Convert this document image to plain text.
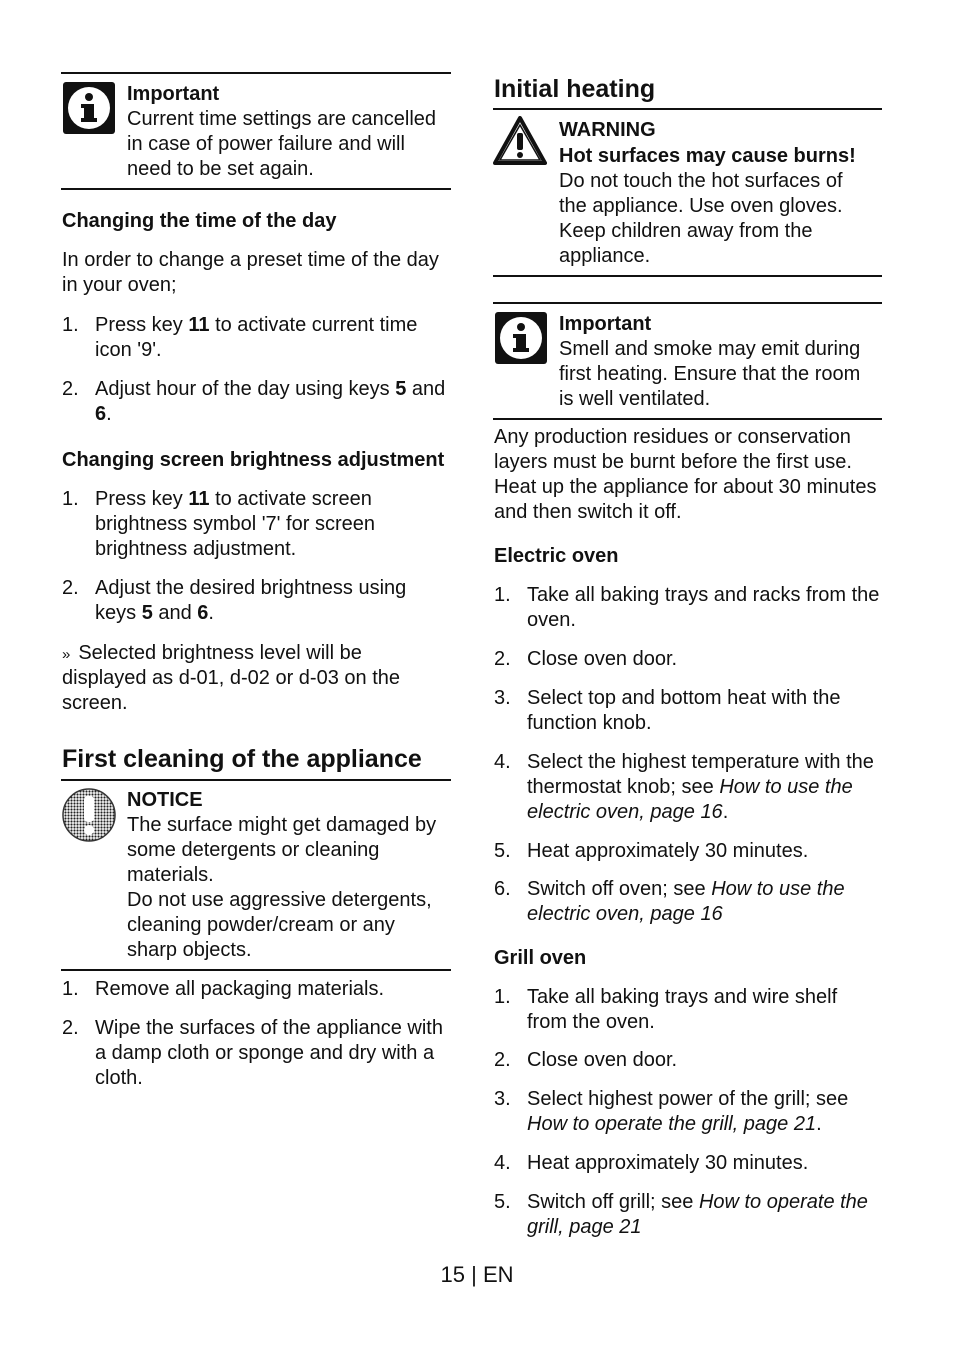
Important
Current time settings are cancelled
in case of power failure and will
need to be set again.
Changing the time of the day
In order to change a preset time of the day
in your oven;
1. Press key 11 to activate current time
icon '9'.
2. Adjust hour of the day using keys 5 and
6.
Changing screen brightness adjustment
1. Press key 11 to activate screen
brightness symbol '7' for screen
brightness adjustment.
2. Adjust the desired brightness using
keys 5 and 6.
» Selected brightness level will be
displayed as d-01, d-02 or d-03 on the
screen.
First cleaning of the appliance
NOTICE
The surface might get damaged by
some detergents or cleaning
materials.
Do not use aggressive detergents,
cleaning powder/cream or any
sharp objects.
1. Remove all packaging materials.
2. Wipe the surfaces of the appliance with
a damp cloth or sponge and dry with a
cloth.
Initial heating
WARNING
Hot surfaces may cause burns!
Do not touch the hot surfaces of
the appliance. Use oven gloves.
Keep children away from the
appliance.
Important
Smell and smoke may emit during
first heating. Ensure that the room
is well ventilated.
Any production residues or conservation
layers must be burnt before the first use.
Heat up the appliance for about 30 minutes
and then switch it off.
Electric oven
1. Take all baking trays and racks from the
oven.
2. Close oven door.
3. Select top and bottom heat with the
function knob.
4. Select the highest temperature with the
thermostat knob; see How to use the
electric oven, page 16.
5. Heat approximately 30 minutes.
6. Switch off oven; see How to use the
electric oven, page 16
Grill oven
1. Take all baking trays and wire shelf
from the oven.
2. Close oven door.
3. Select highest power of the grill; see
How to operate the grill, page 21.
4. Heat approximately 30 minutes.
5. Switch off grill; see How to operate the
grill, page 21
15 | EN
